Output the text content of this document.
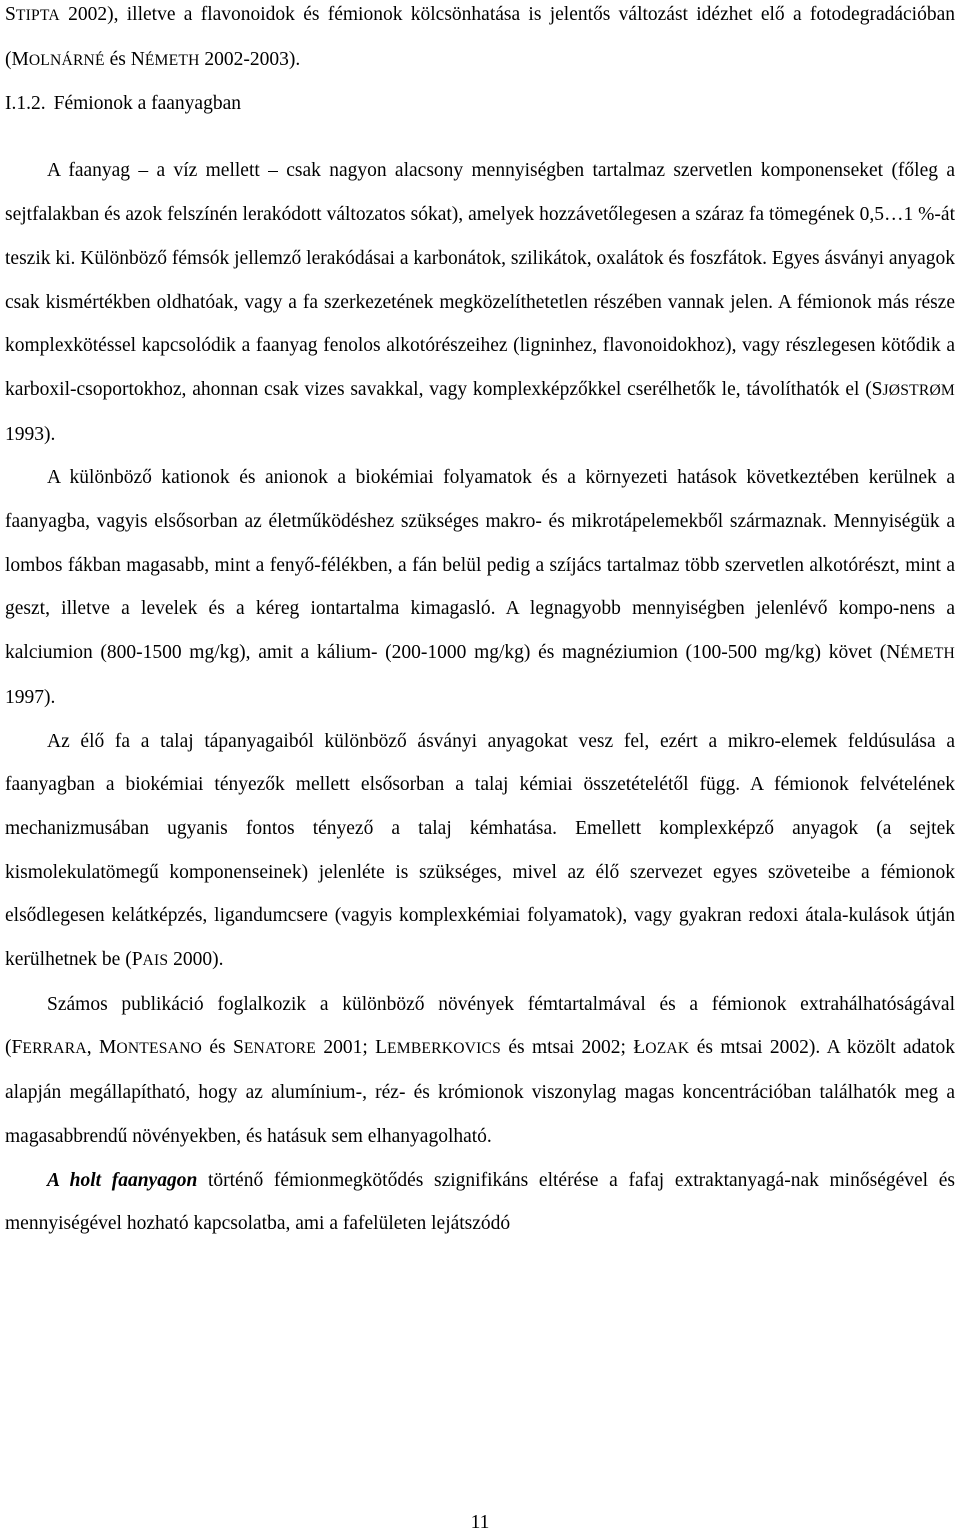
STIPTA 2002), illetve a flavonoidok és fémionok kölcsönhatása is jelentős változást idézhet elő a fotodegradációban (MOLNÁRNÉ és NÉMETH 2002-2003).

I.1.2. Fémionok a faanyagban

A faanyag – a víz mellett – csak nagyon alacsony mennyiségben tartalmaz szervetlen komponenseket (főleg a sejtfalakban és azok felszínén lerakódott változatos sókat), amelyek hozzávetőlegesen a száraz fa tömegének 0,5…1 %-át teszik ki. Különböző fémsók jellemző lerakódásai a karbonátok, szilikátok, oxalátok és foszfátok. Egyes ásványi anyagok csak kismértékben oldhatóak, vagy a fa szerkezetének megközelíthetetlen részében vannak jelen. A fémionok más része komplexkötéssel kapcsolódik a faanyag fenolos alkotórészeihez (ligninhez, flavonoidokhoz), vagy részlegesen kötődik a karboxil-csoportokhoz, ahonnan csak vizes savakkal, vagy komplexképzőkkel cserélhetők le, távolíthatók el (SJØSTRØM 1993).

A különböző kationok és anionok a biokémiai folyamatok és a környezeti hatások következtében kerülnek a faanyagba, vagyis elsősorban az életműködéshez szükséges makro- és mikrotápelemekből származnak. Mennyiségük a lombos fákban magasabb, mint a fenyő-félékben, a fán belül pedig a szíjács tartalmaz több szervetlen alkotórészt, mint a geszt, illetve a levelek és a kéreg iontartalma kimagasló. A legnagyobb mennyiségben jelenlévő kompo-nens a kalciumion (800-1500 mg/kg), amit a kálium- (200-1000 mg/kg) és magnéziumion (100-500 mg/kg) követ (NÉMETH 1997).

Az élő fa a talaj tápanyagaiból különböző ásványi anyagokat vesz fel, ezért a mikro-elemek feldúsulása a faanyagban a biokémiai tényezők mellett elsősorban a talaj kémiai összetételétől függ. A fémionok felvételének mechanizmusában ugyanis fontos tényező a talaj kémhatása. Emellett komplexképző anyagok (a sejtek kismolekulatömegű komponenseinek) jelenléte is szükséges, mivel az élő szervezet egyes szöveteibe a fémionok elsődlegesen kelátképzés, ligandumcsere (vagyis komplexkémiai folyamatok), vagy gyakran redoxi átala-kulások útján kerülhetnek be (PAIS 2000).

Számos publikáció foglalkozik a különböző növények fémtartalmával és a fémionok extrahálhatóságával (FERRARA, MONTESANO és SENATORE 2001; LEMBERKOVICS és mtsai 2002; ŁOZAK és mtsai 2002). A közölt adatok alapján megállapítható, hogy az alumínium-, réz- és krómionok viszonylag magas koncentrációban találhatók meg a magasabbrendű növényekben, és hatásuk sem elhanyagolható.

A holt faanyagon történő fémionmegkötődés szignifikáns eltérése a fafaj extraktanyagá-nak minőségével és mennyiségével hozható kapcsolatba, ami a fafelületen lejátszódó

11
